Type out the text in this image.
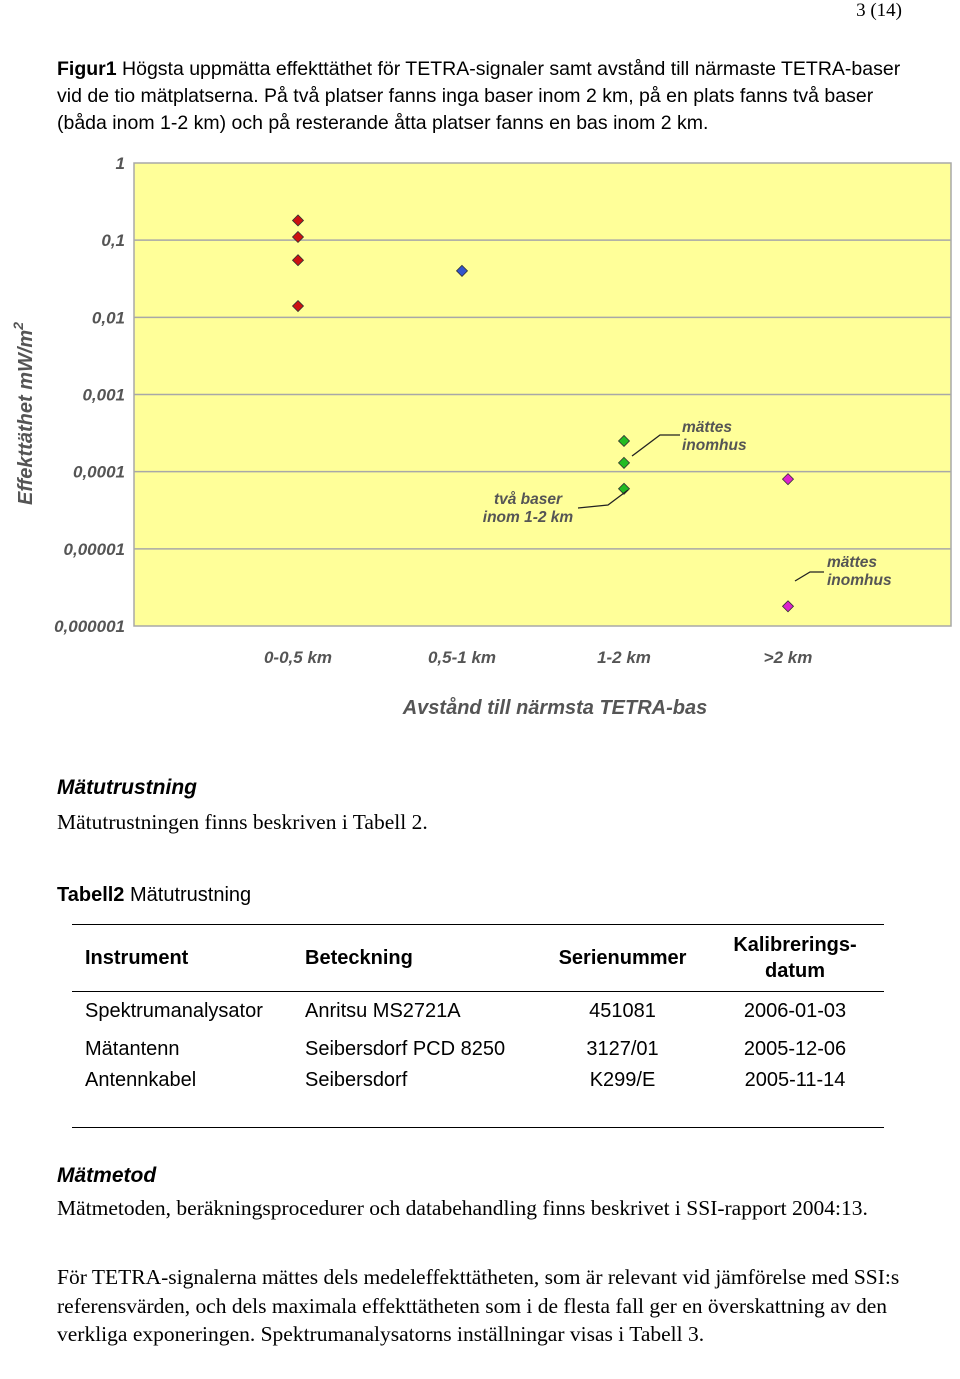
3 (14)
Figur1 Högsta uppmätta effekttäthet för TETRA-signaler samt avstånd till närmaste TETRA-baser vid de tio mätplatserna. På två platser fanns inga baser inom 2 km, på en plats fanns två baser (båda inom 1-2 km) och på resterande åtta platser fanns en bas inom 2 km.
1
0,1
0,01
0,001
0,0001
0,00001
0,000001
0-0,5 km	0,5-1 km	1-2 km	>2 km
mättes inomhus
två baser inom 1-2 km
mättes inomhus
Avstånd till närmsta TETRA-bas
Effekttäthet $mW/m^2$
Mätutrustning
Mätutrustningen finns beskriven i Tabell 2.
Tabell2 Mätutrustning
Instrument	Beteckning	Serienummer	Kalibrerings-
datum
Spektrumanalysator	Anritsu MS2721A	451081	2006-01-03
Mätantenn	Seibersdorf PCD 8250	3127/01	2005-12-06
Antennkabel	Seibersdorf	K299/E	2005-11-14
Mätmetod
Mätmetoden, beräkningsprocedurer och databehandling finns beskrivet i SSI-rapport 2004:13.
För TETRA-signalerna mättes dels medeleffekttätheten, som är relevant vid jämförelse med SSI:s referensvärden, och dels maximala effekttätheten som i de flesta fall ger en överskattning av den verkliga exponeringen. Spektrumanalysatorns inställningar visas i Tabell 3.
